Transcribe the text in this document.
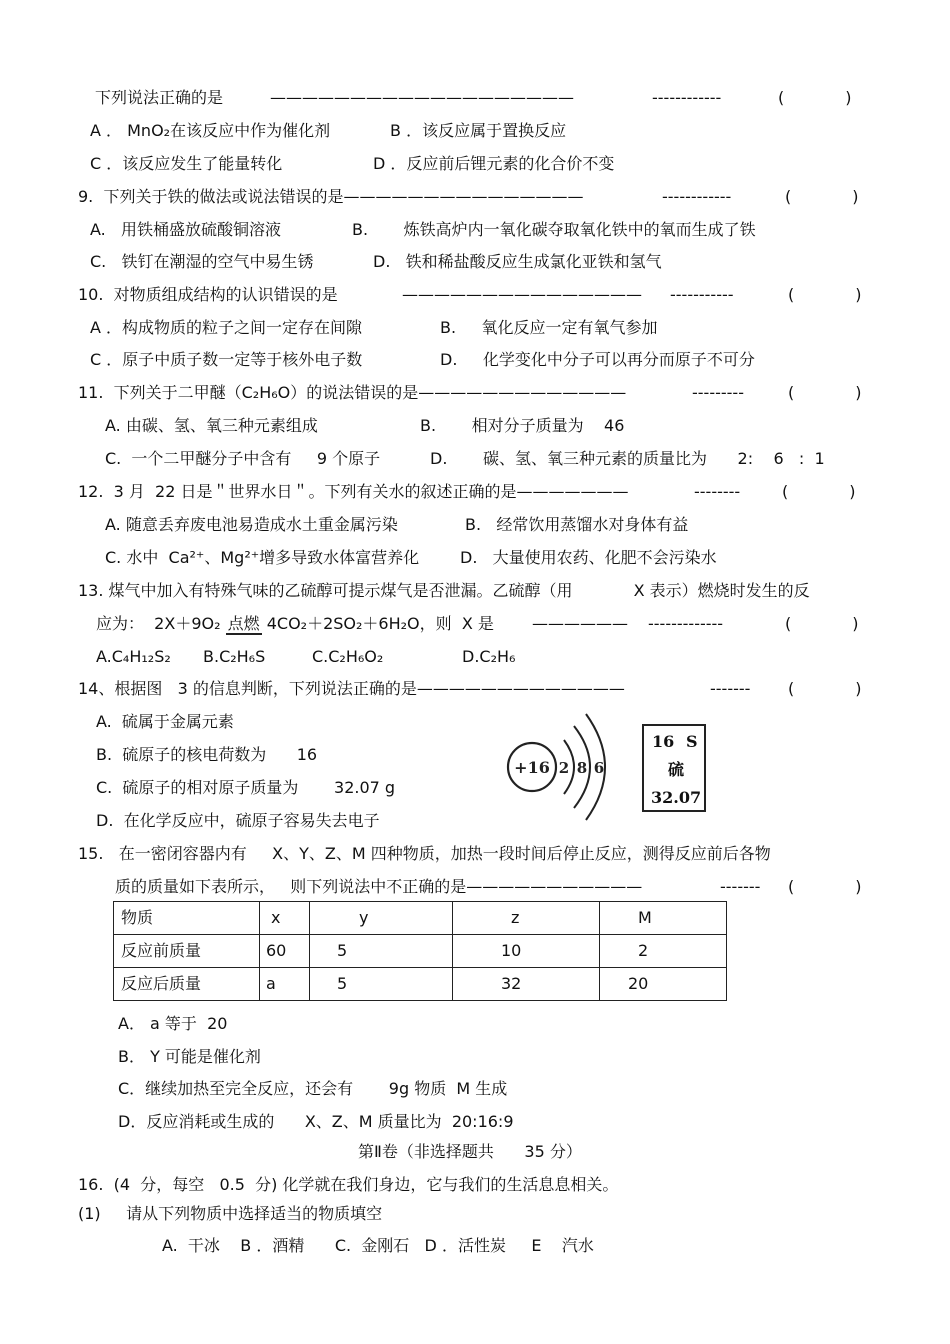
下列说法正确的是	———————————————————	------------	(            )
A ． MnO₂在该反应中作为催化剂	B ．该反应属于置换反应
C ．该反应发生了能量转化	D ．反应前后锂元素的化合价不变
9.  下列关于铁的做法或说法错误的是———————————————	------------	(            )
A.   用铁桶盛放硫酸铜溶液	B.       炼铁高炉内一氧化碳夺取氧化铁中的氧而生成了铁
C.   铁钉在潮湿的空气中易生锈	D.   铁和稀盐酸反应生成氯化亚铁和氢气
10.  对物质组成结构的认识错误的是	——————————————— -----------	(            )
A ．构成物质的粒子之间一定存在间隙	B.     氧化反应一定有氧气参加
C ．原子中质子数一定等于核外电子数	D.     化学变化中分子可以再分而原子不可分
11.  下列关于二甲醚（C₂H₆O）的说法错误的是—————————————	---------	(            )
A. 由碳、氢、氧三种元素组成	B.       相对分子质量为    46
C.  一个二甲醚分子中含有     9 个原子	D.       碳、氢、氧三种元素的质量比为      2:    6   :  1
12.  3 月  22 日是＂世界水日＂。下列有关水的叙述正确的是———————	--------	(            )
A. 随意丢弃废电池易造成水土重金属污染	B.   经常饮用蒸馏水对身体有益
C. 水中  Ca²⁺、Mg²⁺增多导致水体富营养化	D.   大量使用农药、化肥不会污染水
13. 煤气中加入有特殊气味的乙硫醇可提示煤气是否泄漏。乙硫醇（用            X 表示）燃烧时发生的反
应为：  2X＋9O₂ 点燃 4CO₂＋2SO₂＋6H₂O，则  X 是 —————— -------------	(            )
A.C₄H₁₂S₂ B.C₂H₆S	C.C₂H₆O₂	D.C₂H₆
14、根据图   3 的信息判断，下列说法正确的是—————————————	------- (            )
A.  硫属于金属元素
B.  硫原子的核电荷数为      16
C.  硫原子的相对原子质量为       32.07 g
D.  在化学反应中，硫原子容易失去电子
+16 2 8 6
16 S
硫
32.07
15.   在一密闭容器内有     X、Y、Z、M 四种物质，加热一段时间后停止反应，测得反应前后各物
质的质量如下表所示，   则下列说法中不正确的是———————————	------- (            )
物质	x	y	z	M

反应前质量	60	5	10	2

反应后质量	a	5	32	20
A． a 等于  20
B． Y 可能是催化剂
C．继续加热至完全反应，还会有       9g 物质  M 生成
D．反应消耗或生成的      X、Z、M 质量比为  20:16:9
第Ⅱ卷（非选择题共      35 分）
16.  (4  分，每空   0.5  分) 化学就在我们身边，它与我们的生活息息相关。
(1)     请从下列物质中选择适当的物质填空
A.  干冰    B ．酒精      C.  金刚石   D ．活性炭     E    汽水
